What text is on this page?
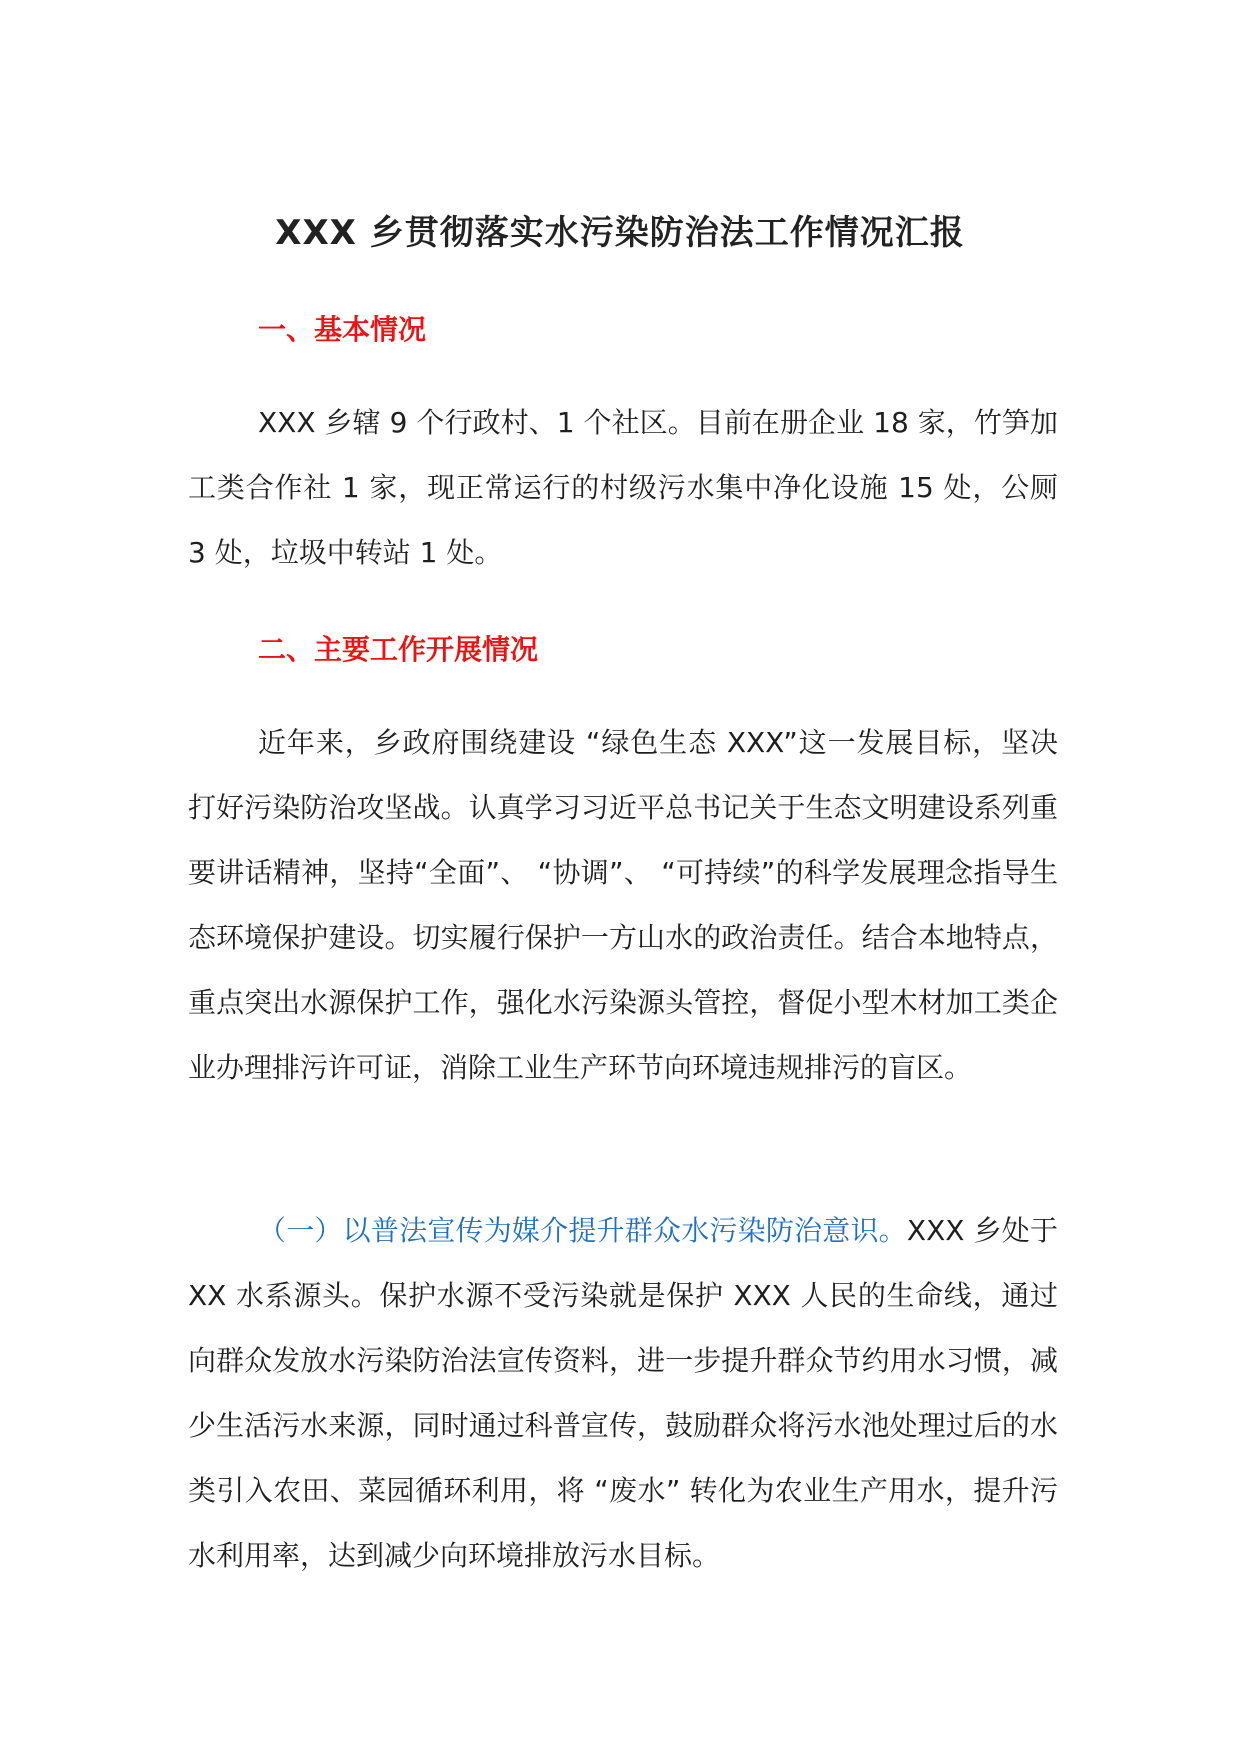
XXX 乡贯彻落实水污染防治法工作情况汇报
一、基本情况

XXX 乡辖 9 个行政村、1 个社区。目前在册企业 18 家，竹笋加工类合作社 1 家，现正常运行的村级污水集中净化设施 15 处，公厕 3 处，垃圾中转站 1 处。

二、主要工作开展情况

近年来，乡政府围绕建设 “绿色生态 XXX”这一发展目标，坚决打好污染防治攻坚战。认真学习习近平总书记关于生态文明建设系列重要讲话精神，坚持“全面”、 “协调”、 “可持续”的科学发展理念指导生态环境保护建设。切实履行保护一方山水的政治责任。结合本地特点，重点突出水源保护工作，强化水污染源头管控，督促小型木材加工类企业办理排污许可证，消除工业生产环节向环境违规排污的盲区。

（一）以普法宣传为媒介提升群众水污染防治意识。XXX 乡处于 XX 水系源头。保护水源不受污染就是保护 XXX 人民的生命线，通过向群众发放水污染防治法宣传资料，进一步提升群众节约用水习惯，减少生活污水来源，同时通过科普宣传，鼓励群众将污水池处理过后的水类引入农田、菜园循环利用，将 “废水” 转化为农业生产用水，提升污水利用率，达到减少向环境排放污水目标。
